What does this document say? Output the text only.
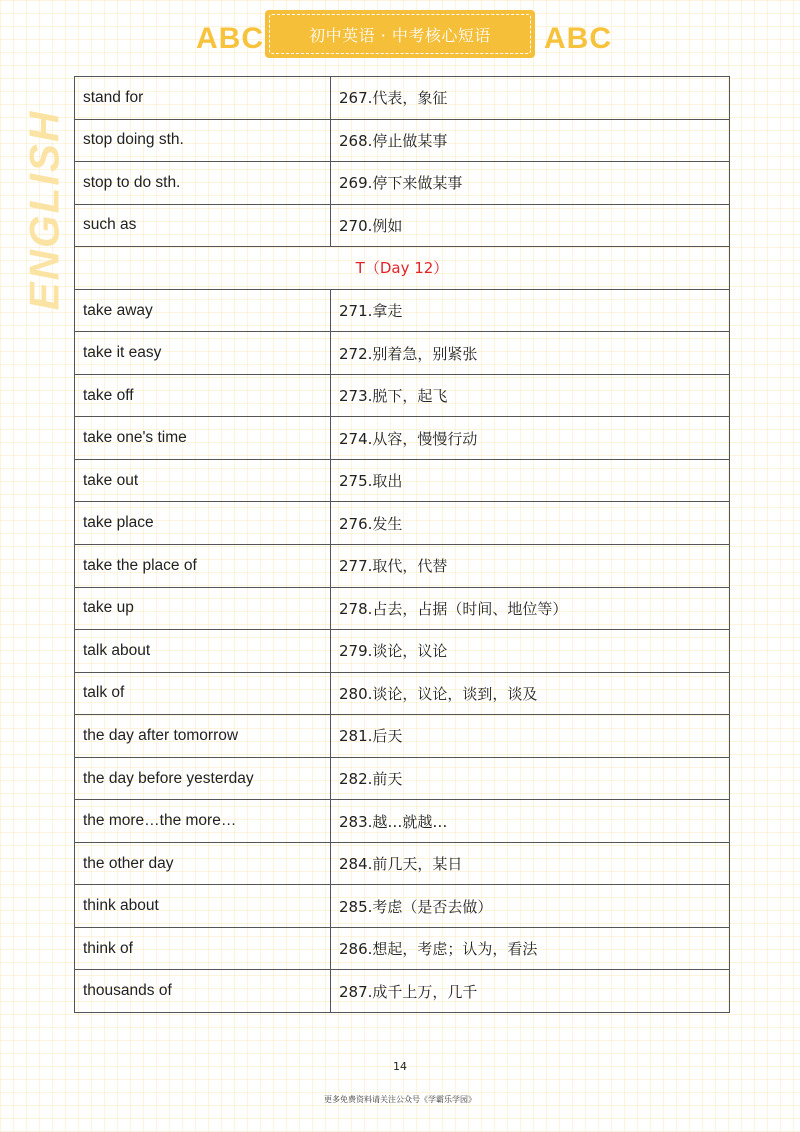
ABC	初中英语 · 中考核心短语	ABC
ENGLISH
stand for	267.代表，象征
stop doing sth.	268.停止做某事
stop to do sth.	269.停下来做某事
such as	270.例如
T（Day 12）	
take away	271.拿走
take it easy	272.别着急，别紧张
take off	273.脱下，起飞
take one's time	274.从容，慢慢行动
take out	275.取出
take place	276.发生
take the place of	277.取代，代替
take up	278.占去，占据（时间、地位等）
talk about	279.谈论，议论
talk of	280.谈论，议论，谈到，谈及
the day after tomorrow	281.后天
the day before yesterday	282.前天
the more…the more…	283.越…就越…
the other day	284.前几天，某日
think about	285.考虑（是否去做）
think of	286.想起，考虑；认为，看法
thousands of	287.成千上万，几千
14
更多免费资料请关注公众号《学霸乐学园》
